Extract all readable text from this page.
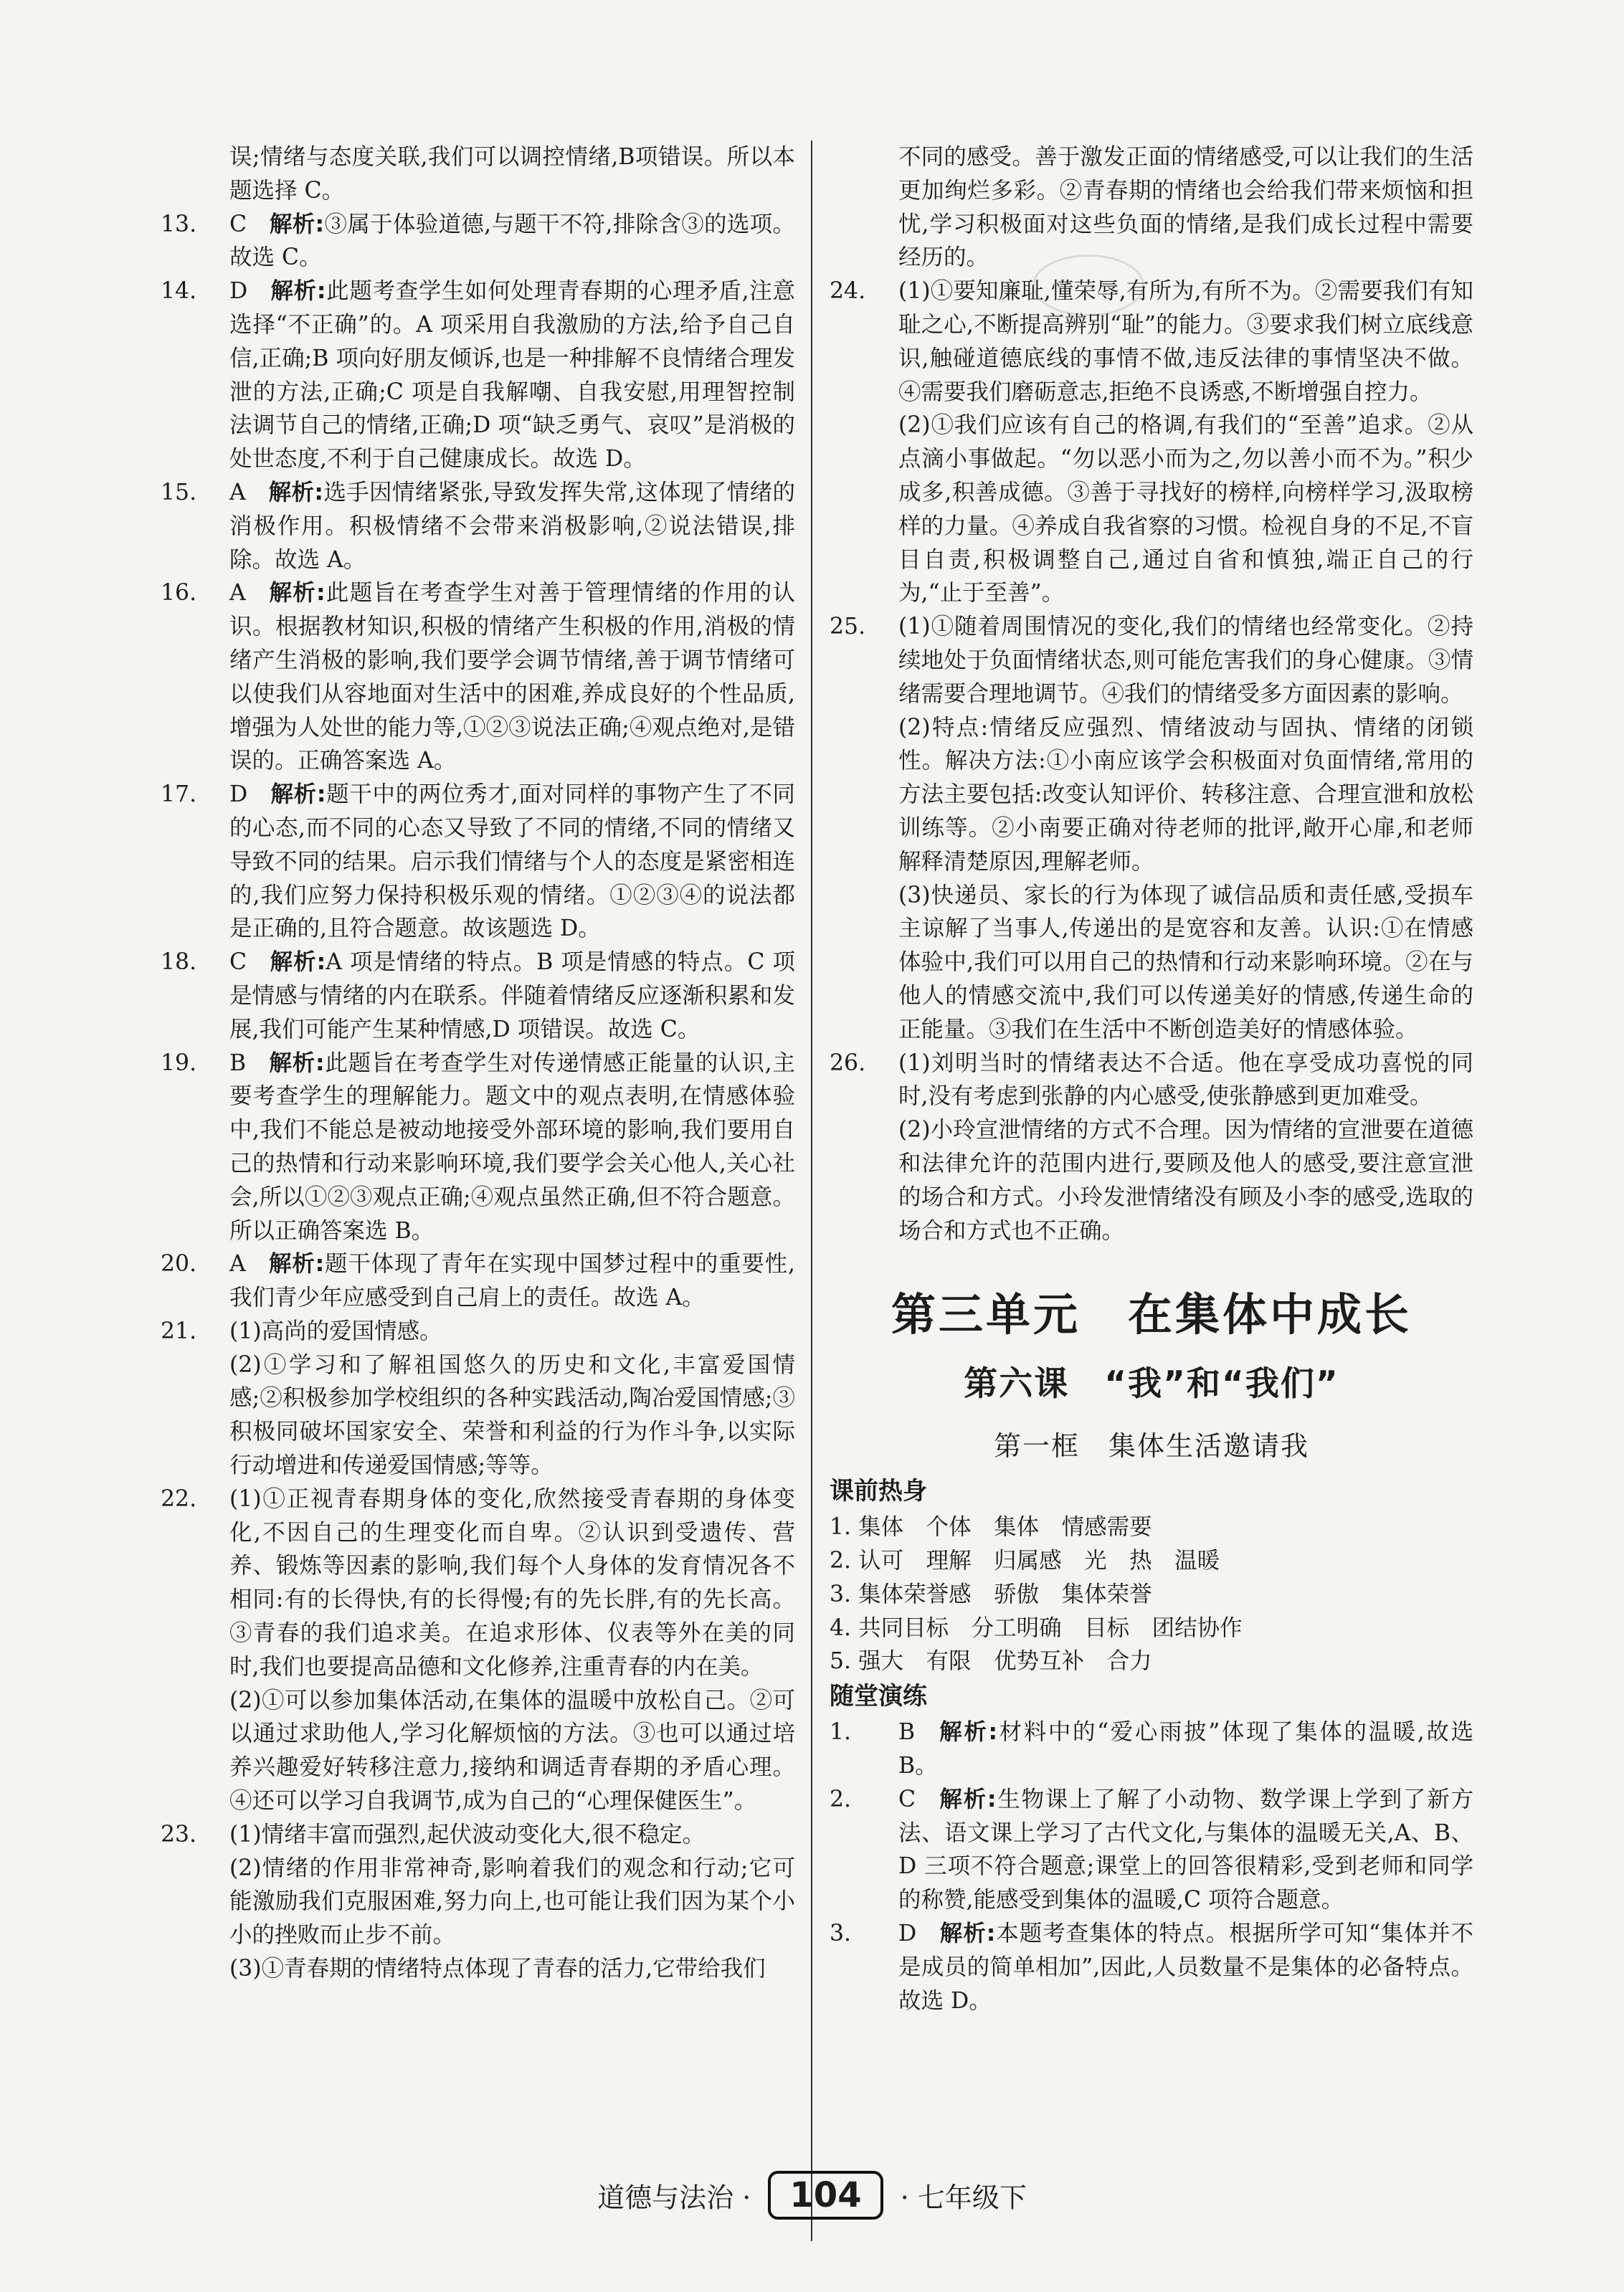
误;情绪与态度关联,我们可以调控情绪,B项错误。所以本题选择 C。

13. C  解析:③属于体验道德,与题干不符,排除含③的选项。故选 C。

14. D  解析:此题考查学生如何处理青春期的心理矛盾,注意选择“不正确”的。A 项采用自我激励的方法,给予自己自信,正确;B 项向好朋友倾诉,也是一种排解不良情绪合理发泄的方法,正确;C 项是自我解嘲、自我安慰,用理智控制法调节自己的情绪,正确;D 项“缺乏勇气、哀叹”是消极的处世态度,不利于自己健康成长。故选 D。

15. A  解析:选手因情绪紧张,导致发挥失常,这体现了情绪的消极作用。积极情绪不会带来消极影响,②说法错误,排除。故选 A。

16. A  解析:此题旨在考查学生对善于管理情绪的作用的认识。根据教材知识,积极的情绪产生积极的作用,消极的情绪产生消极的影响,我们要学会调节情绪,善于调节情绪可以使我们从容地面对生活中的困难,养成良好的个性品质,增强为人处世的能力等,①②③说法正确;④观点绝对,是错误的。正确答案选 A。

17. D  解析:题干中的两位秀才,面对同样的事物产生了不同的心态,而不同的心态又导致了不同的情绪,不同的情绪又导致不同的结果。启示我们情绪与个人的态度是紧密相连的,我们应努力保持积极乐观的情绪。①②③④的说法都是正确的,且符合题意。故该题选 D。

18. C  解析:A 项是情绪的特点。B 项是情感的特点。C 项是情感与情绪的内在联系。伴随着情绪反应逐渐积累和发展,我们可能产生某种情感,D 项错误。故选 C。

19. B  解析:此题旨在考查学生对传递情感正能量的认识,主要考查学生的理解能力。题文中的观点表明,在情感体验中,我们不能总是被动地接受外部环境的影响,我们要用自己的热情和行动来影响环境,我们要学会关心他人,关心社会,所以①②③观点正确;④观点虽然正确,但不符合题意。所以正确答案选 B。

20. A  解析:题干体现了青年在实现中国梦过程中的重要性,我们青少年应感受到自己肩上的责任。故选 A。

21. (1)高尚的爱国情感。

(2)①学习和了解祖国悠久的历史和文化,丰富爱国情感;②积极参加学校组织的各种实践活动,陶冶爱国情感;③积极同破坏国家安全、荣誉和利益的行为作斗争,以实际行动增进和传递爱国情感;等等。

22. (1)①正视青春期身体的变化,欣然接受青春期的身体变化,不因自己的生理变化而自卑。②认识到受遗传、营养、锻炼等因素的影响,我们每个人身体的发育情况各不相同:有的长得快,有的长得慢;有的先长胖,有的先长高。③青春的我们追求美。在追求形体、仪表等外在美的同时,我们也要提高品德和文化修养,注重青春的内在美。

(2)①可以参加集体活动,在集体的温暖中放松自己。②可以通过求助他人,学习化解烦恼的方法。③也可以通过培养兴趣爱好转移注意力,接纳和调适青春期的矛盾心理。④还可以学习自我调节,成为自己的“心理保健医生”。

23. (1)情绪丰富而强烈,起伏波动变化大,很不稳定。

(2)情绪的作用非常神奇,影响着我们的观念和行动;它可能激励我们克服困难,努力向上,也可能让我们因为某个小小的挫败而止步不前。

(3)①青春期的情绪特点体现了青春的活力,它带给我们

不同的感受。善于激发正面的情绪感受,可以让我们的生活更加绚烂多彩。②青春期的情绪也会给我们带来烦恼和担忧,学习积极面对这些负面的情绪,是我们成长过程中需要经历的。

24. (1)①要知廉耻,懂荣辱,有所为,有所不为。②需要我们有知耻之心,不断提高辨别“耻”的能力。③要求我们树立底线意识,触碰道德底线的事情不做,违反法律的事情坚决不做。④需要我们磨砺意志,拒绝不良诱惑,不断增强自控力。

(2)①我们应该有自己的格调,有我们的“至善”追求。②从点滴小事做起。“勿以恶小而为之,勿以善小而不为。”积少成多,积善成德。③善于寻找好的榜样,向榜样学习,汲取榜样的力量。④养成自我省察的习惯。检视自身的不足,不盲目自责,积极调整自己,通过自省和慎独,端正自己的行为,“止于至善”。

25. (1)①随着周围情况的变化,我们的情绪也经常变化。②持续地处于负面情绪状态,则可能危害我们的身心健康。③情绪需要合理地调节。④我们的情绪受多方面因素的影响。

(2)特点:情绪反应强烈、情绪波动与固执、情绪的闭锁性。解决方法:①小南应该学会积极面对负面情绪,常用的方法主要包括:改变认知评价、转移注意、合理宣泄和放松训练等。②小南要正确对待老师的批评,敞开心扉,和老师解释清楚原因,理解老师。

(3)快递员、家长的行为体现了诚信品质和责任感,受损车主谅解了当事人,传递出的是宽容和友善。认识:①在情感体验中,我们可以用自己的热情和行动来影响环境。②在与他人的情感交流中,我们可以传递美好的情感,传递生命的正能量。③我们在生活中不断创造美好的情感体验。

26. (1)刘明当时的情绪表达不合适。他在享受成功喜悦的同时,没有考虑到张静的内心感受,使张静感到更加难受。

(2)小玲宣泄情绪的方式不合理。因为情绪的宣泄要在道德和法律允许的范围内进行,要顾及他人的感受,要注意宣泄的场合和方式。小玲发泄情绪没有顾及小李的感受,选取的场合和方式也不正确。

第三单元　在集体中成长
第六课　“我”和“我们”
第一框　集体生活邀请我
课前热身

1. 集体　个体　集体　情感需要

2. 认可　理解　归属感　光　热　温暖

3. 集体荣誉感　骄傲　集体荣誉

4. 共同目标　分工明确　目标　团结协作

5. 强大　有限　优势互补　合力

随堂演练

1. B  解析:材料中的“爱心雨披”体现了集体的温暖,故选 B。

2. C  解析:生物课上了解了小动物、数学课上学到了新方法、语文课上学习了古代文化,与集体的温暖无关,A、B、D 三项不符合题意;课堂上的回答很精彩,受到老师和同学的称赞,能感受到集体的温暖,C 项符合题意。

3. D  解析:本题考查集体的特点。根据所学可知“集体并不是成员的简单相加”,因此,人员数量不是集体的必备特点。故选 D。

道德与法治 · 104 · 七年级下
